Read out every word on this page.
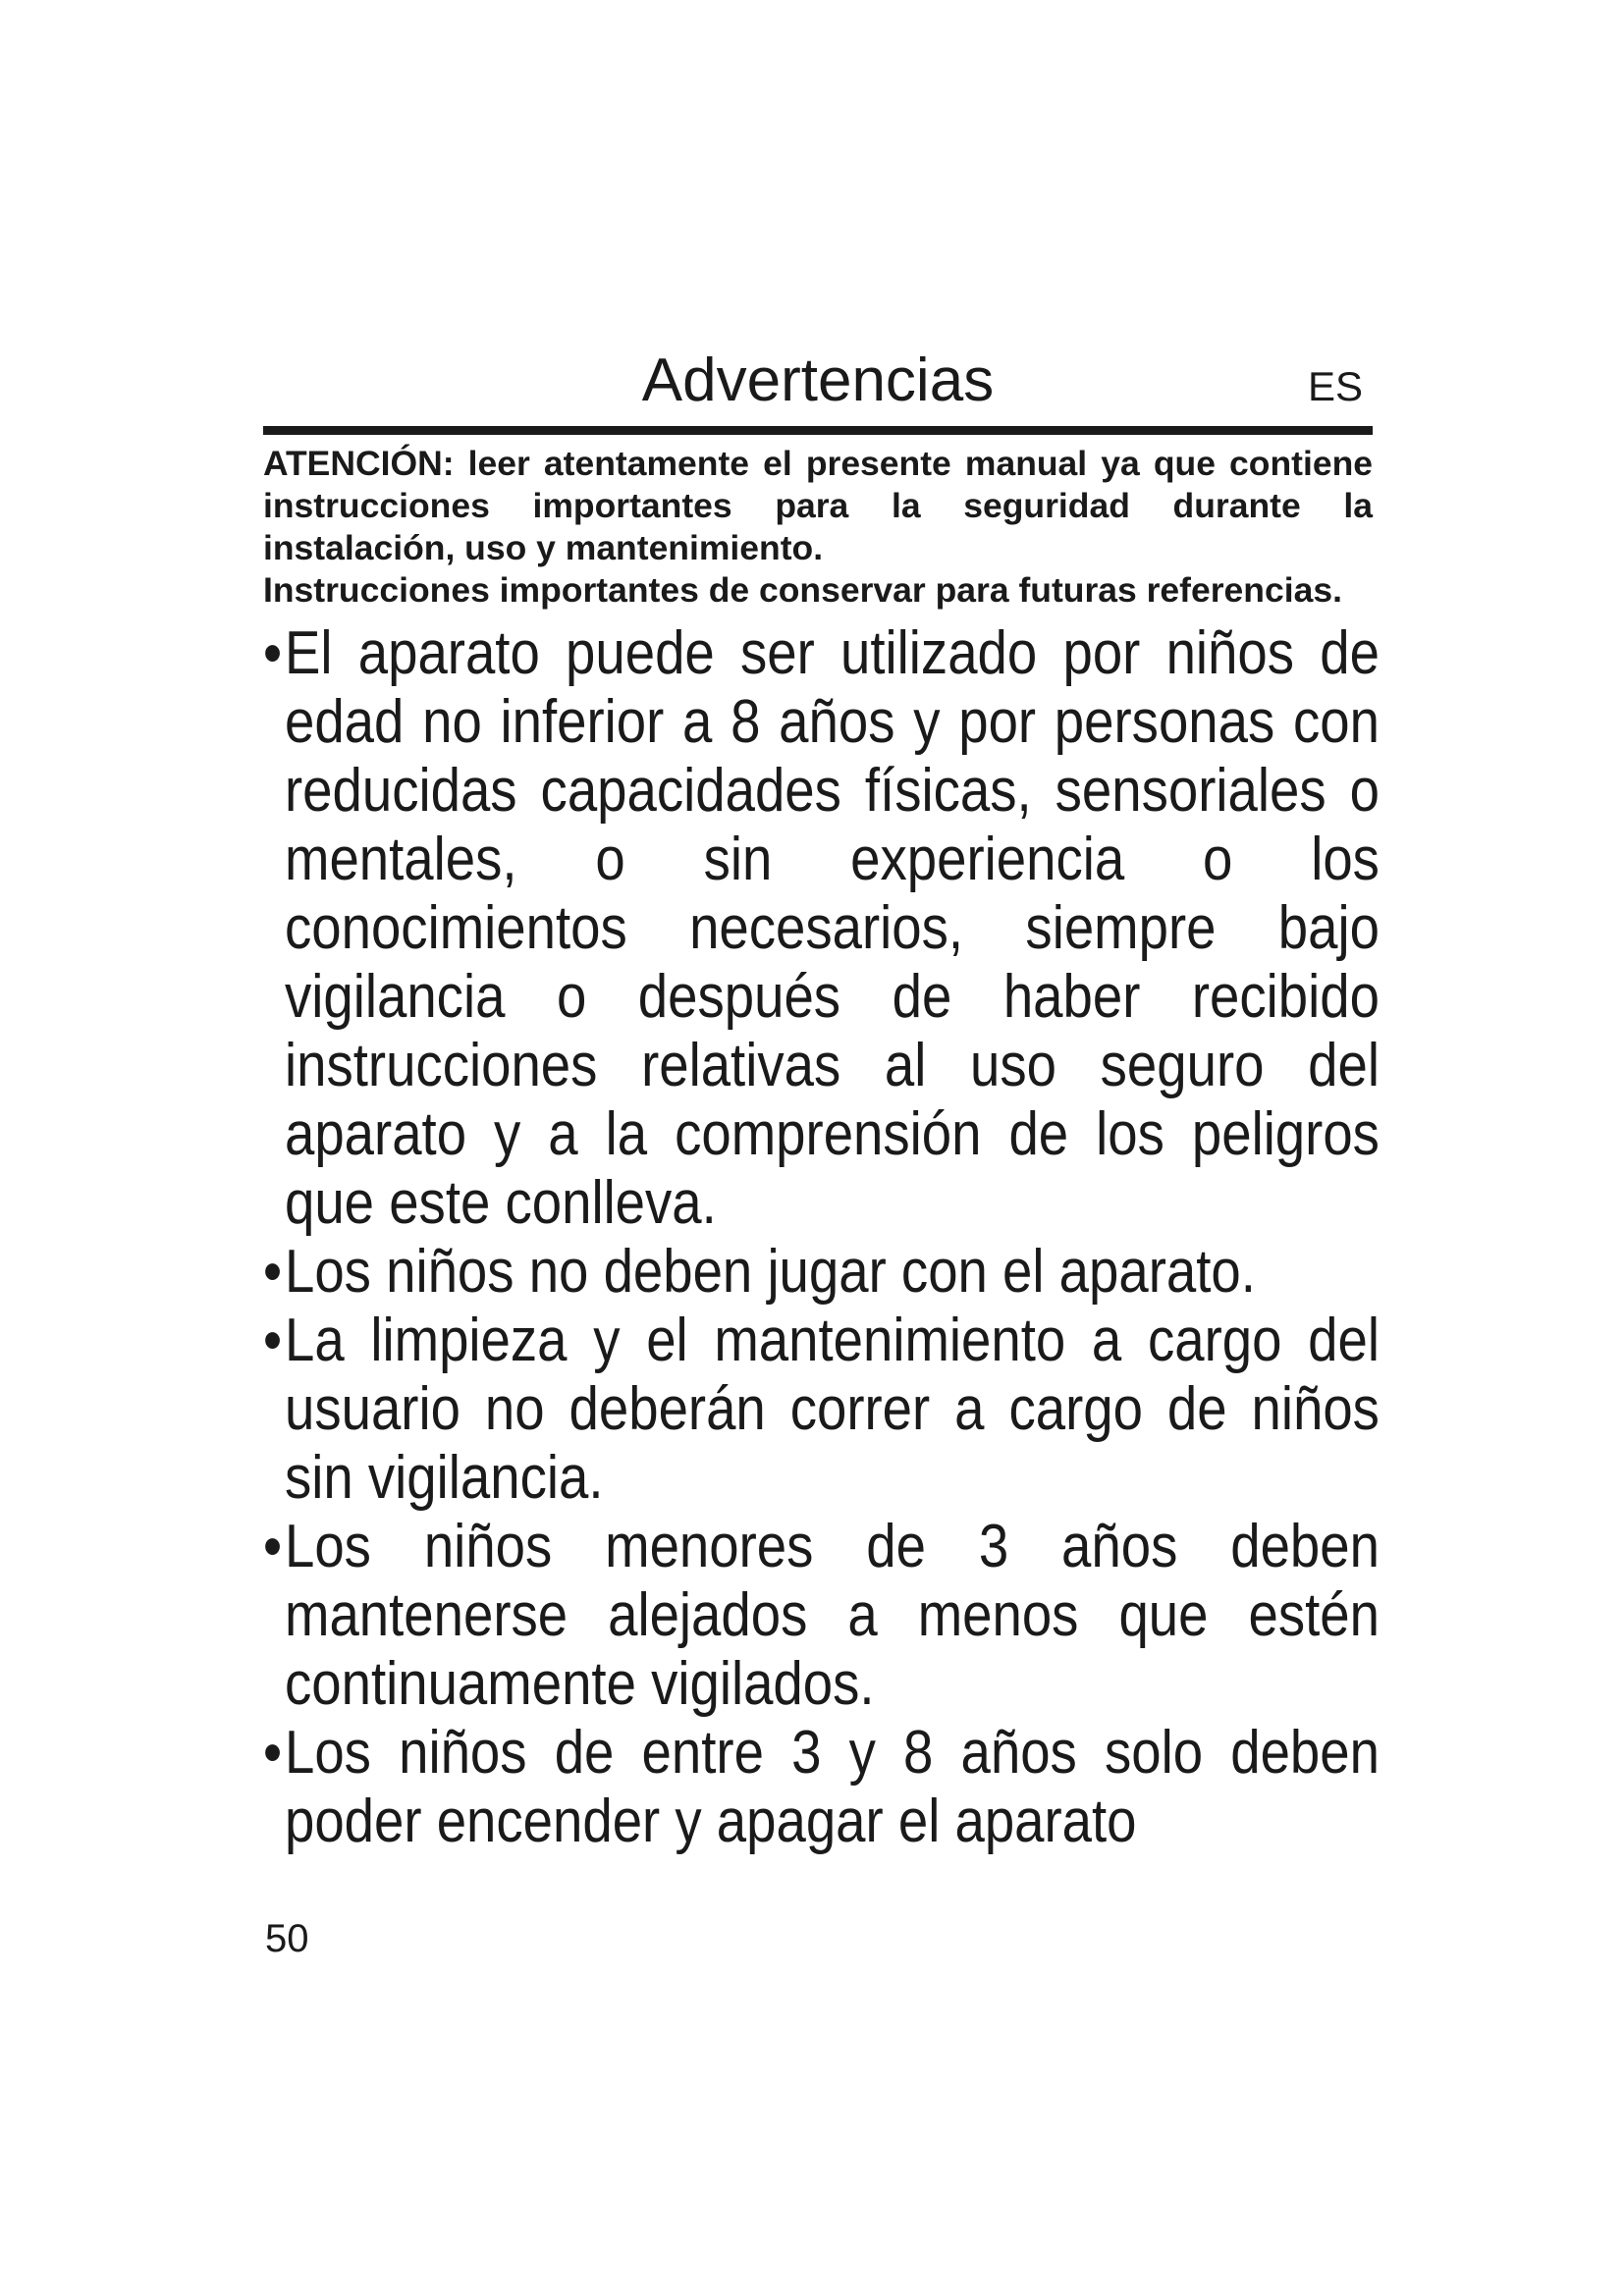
Advertencias	ES

ATENCIÓN: leer atentamente el presente manual ya que contiene instrucciones importantes para la seguridad durante la instalación, uso y mantenimiento.

Instrucciones importantes de conservar para futuras referencias.

• El aparato puede ser utilizado por niños de edad no inferior a 8 años y por personas con reducidas capacidades físicas, sensoriales o mentales, o sin experiencia o los conocimientos necesarios, siempre bajo vigilancia o después de haber recibido instrucciones relativas al uso seguro del aparato y a la comprensión de los peligros que este conlleva.
• Los niños no deben jugar con el aparato.
• La limpieza y el mantenimiento a cargo del usuario no deberán correr a cargo de niños sin vigilancia.
• Los niños menores de 3 años deben mantenerse alejados a menos que estén continuamente vigilados.
• Los niños de entre 3 y 8 años solo deben poder encender y apagar el aparato
50
